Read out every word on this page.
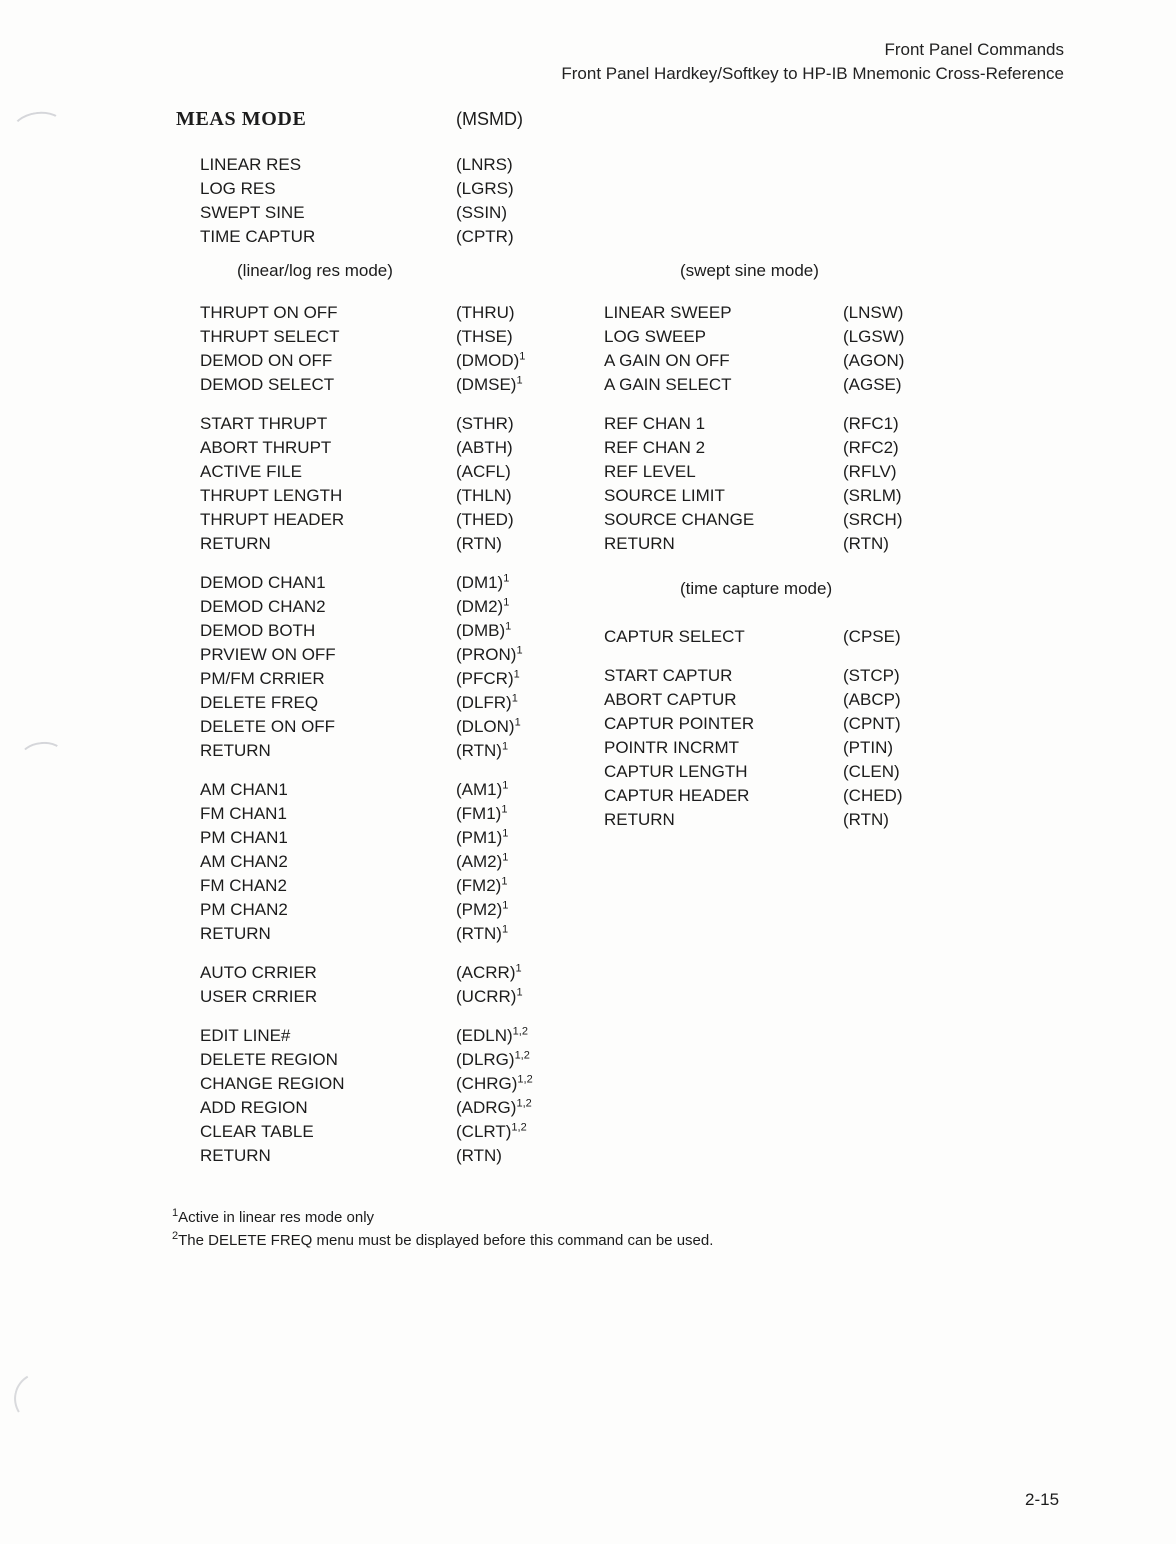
Front Panel Commands
Front Panel Hardkey/Softkey to HP-IB Mnemonic Cross-Reference
MEAS MODE	(MSMD)
LINEAR RES	(LNRS)
LOG RES	(LGRS)
SWEPT SINE	(SSIN)
TIME CAPTUR	(CPTR)
(linear/log res mode)	(swept sine mode)
THRUPT ON OFF	(THRU)
THRUPT SELECT	(THSE)
DEMOD ON OFF	(DMOD)$^1$
DEMOD SELECT	(DMSE)$^1$
START THRUPT	(STHR)
ABORT THRUPT	(ABTH)
ACTIVE FILE	(ACFL)
THRUPT LENGTH	(THLN)
THRUPT HEADER	(THED)
RETURN	(RTN)
DEMOD CHAN1	$(DM1)^1$
DEMOD CHAN2	$(DM2)^1$
DEMOD BOTH	(DMB)$^1$
PRVIEW ON OFF	(PRON)$^1$
PM/FM CRRIER	(PFCR)$^1$
DELETE FREQ	(DLFR)$^1$
DELETE ON OFF	(DLON)$^1$
RETURN	(RTN)$^1$
AM CHAN1	$(AM1)^1$
FM CHAN1	$(FM1)^1$
PM CHAN1	$(PM1)^1$
AM CHAN2	$(AM2)^1$
FM CHAN2	$(FM2)^1$
PM CHAN2	$(PM2)^1$
RETURN	(RTN)$^1$
AUTO CRRIER	(ACRR)$^1$
USER CRRIER	(UCRR)$^1$
EDIT LINE#	(EDLN)$^{1,2}$
DELETE REGION	(DLRG)$^{1,2}$
CHANGE REGION	(CHRG)$^{1,2}$
ADD REGION	(ADRG)$^{1,2}$
CLEAR TABLE	(CLRT)$^{1,2}$
RETURN	(RTN)
LINEAR SWEEP	(LNSW)
LOG SWEEP	(LGSW)
A GAIN ON OFF	(AGON)
A GAIN SELECT	(AGSE)
REF CHAN 1	(RFC1)
REF CHAN 2	(RFC2)
REF LEVEL	(RFLV)
SOURCE LIMIT	(SRLM)
SOURCE CHANGE	(SRCH)
RETURN	(RTN)
(time capture mode)
CAPTUR SELECT	(CPSE)
START CAPTUR	(STCP)
ABORT CAPTUR	(ABCP)
CAPTUR POINTER	(CPNT)
POINTR INCRMT	(PTIN)
CAPTUR LENGTH	(CLEN)
CAPTUR HEADER	(CHED)
RETURN	(RTN)
$^1$Active in linear res mode only
$^2$The DELETE FREQ menu must be displayed before this command can be used.
2-15
